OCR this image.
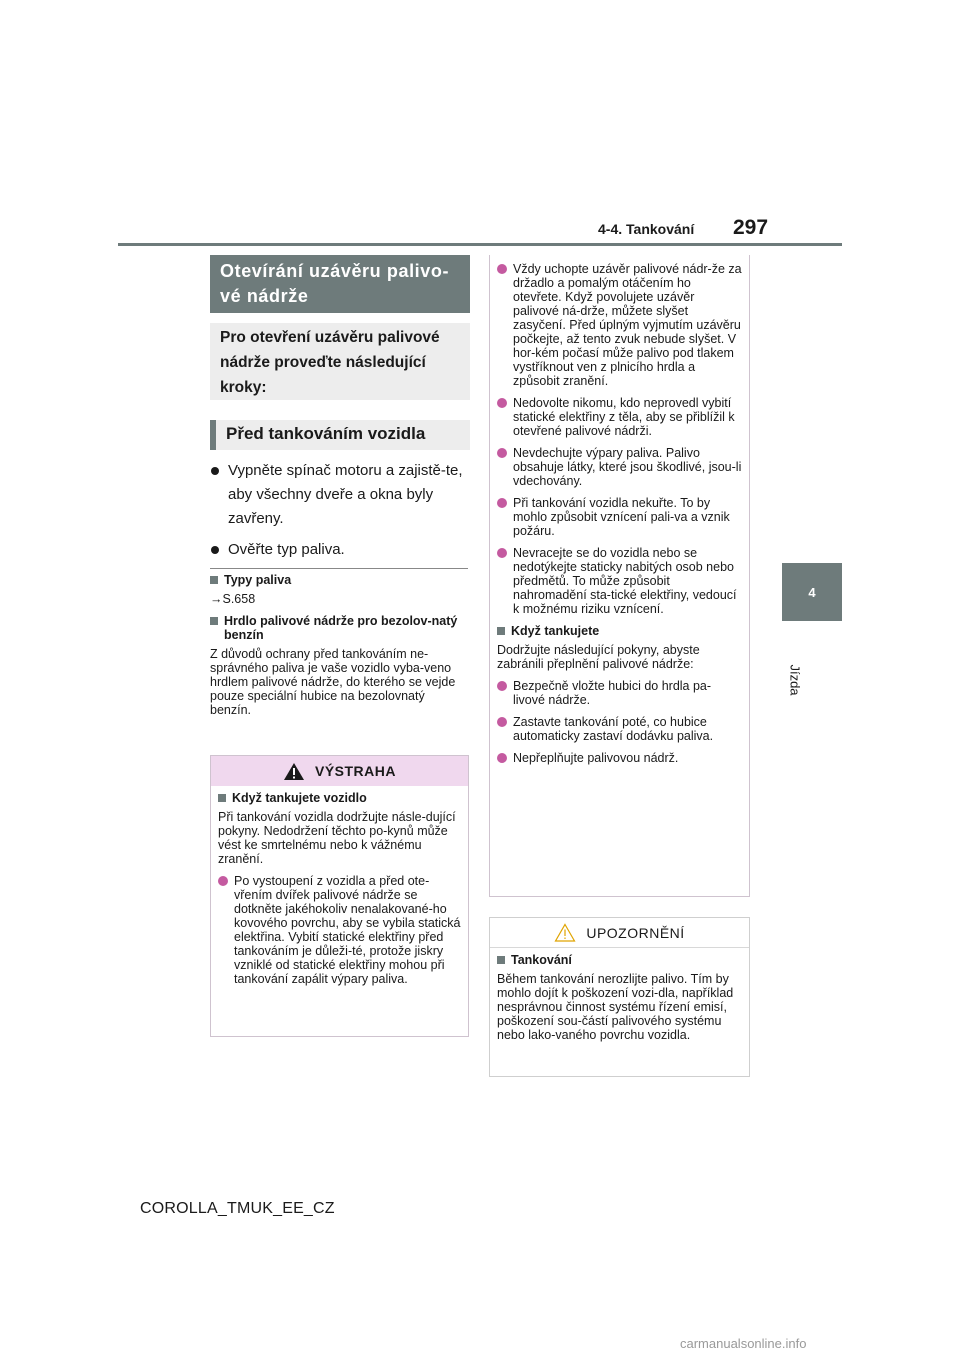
4-4. Tankování 297
4
Jízda
Otevírání uzávěru palivo-vé nádrže
Pro otevření uzávěru palivové nádrže proveďte následující kroky:
Před tankováním vozidla
Vypněte spínač motoru a zajistě-te, aby všechny dveře a okna byly zavřeny.
Ověřte typ paliva.
Typy paliva
→S.658
Hrdlo palivové nádrže pro bezolov-natý benzín
Z důvodů ochrany před tankováním ne-správného paliva je vaše vozidlo vyba-veno hrdlem palivové nádrže, do kterého se vejde pouze speciální hubice na bezolovnatý benzín.
VÝSTRAHA
Když tankujete vozidlo
Při tankování vozidla dodržujte násle-dující pokyny. Nedodržení těchto po-kynů může vést ke smrtelnému nebo k vážnému zranění.
Po vystoupení z vozidla a před ote-vřením dvířek palivové nádrže se dotkněte jakéhokoliv nenalakované-ho kovového povrchu, aby se vybila statická elektřina. Vybití statické elektřiny před tankováním je důleži-té, protože jiskry vzniklé od statické elektřiny mohou při tankování zapálit výpary paliva.
Vždy uchopte uzávěr palivové nádr-že za držadlo a pomalým otáčením ho otevřete. Když povolujete uzávěr palivové ná-drže, můžete slyšet zasyčení. Před úplným vyjmutím uzávěru počkejte, až tento zvuk nebude slyšet. V hor-kém počasí může palivo pod tlakem vystříknout ven z plnicího hrdla a způsobit zranění.
Nedovolte nikomu, kdo neprovedl vybití statické elektřiny z těla, aby se přiblížil k otevřené palivové nádrži.
Nevdechujte výpary paliva. Palivo obsahuje látky, které jsou škodlivé, jsou-li vdechovány.
Při tankování vozidla nekuřte. To by mohlo způsobit vznícení pali-va a vznik požáru.
Nevracejte se do vozidla nebo se nedotýkejte staticky nabitých osob nebo předmětů. To může způsobit nahromadění sta-tické elektřiny, vedoucí k možnému riziku vznícení.
Když tankujete
Dodržujte následující pokyny, abyste zabránili přeplnění palivové nádrže:
Bezpečně vložte hubici do hrdla pa-livové nádrže.
Zastavte tankování poté, co hubice automaticky zastaví dodávku paliva.
Nepřeplňujte palivovou nádrž.
UPOZORNĚNÍ
Tankování
Během tankování nerozlijte palivo. Tím by mohlo dojít k poškození vozi-dla, například nesprávnou činnost systému řízení emisí, poškození sou-částí palivového systému nebo lako-vaného povrchu vozidla.
COROLLA_TMUK_EE_CZ
carmanualsonline.info
